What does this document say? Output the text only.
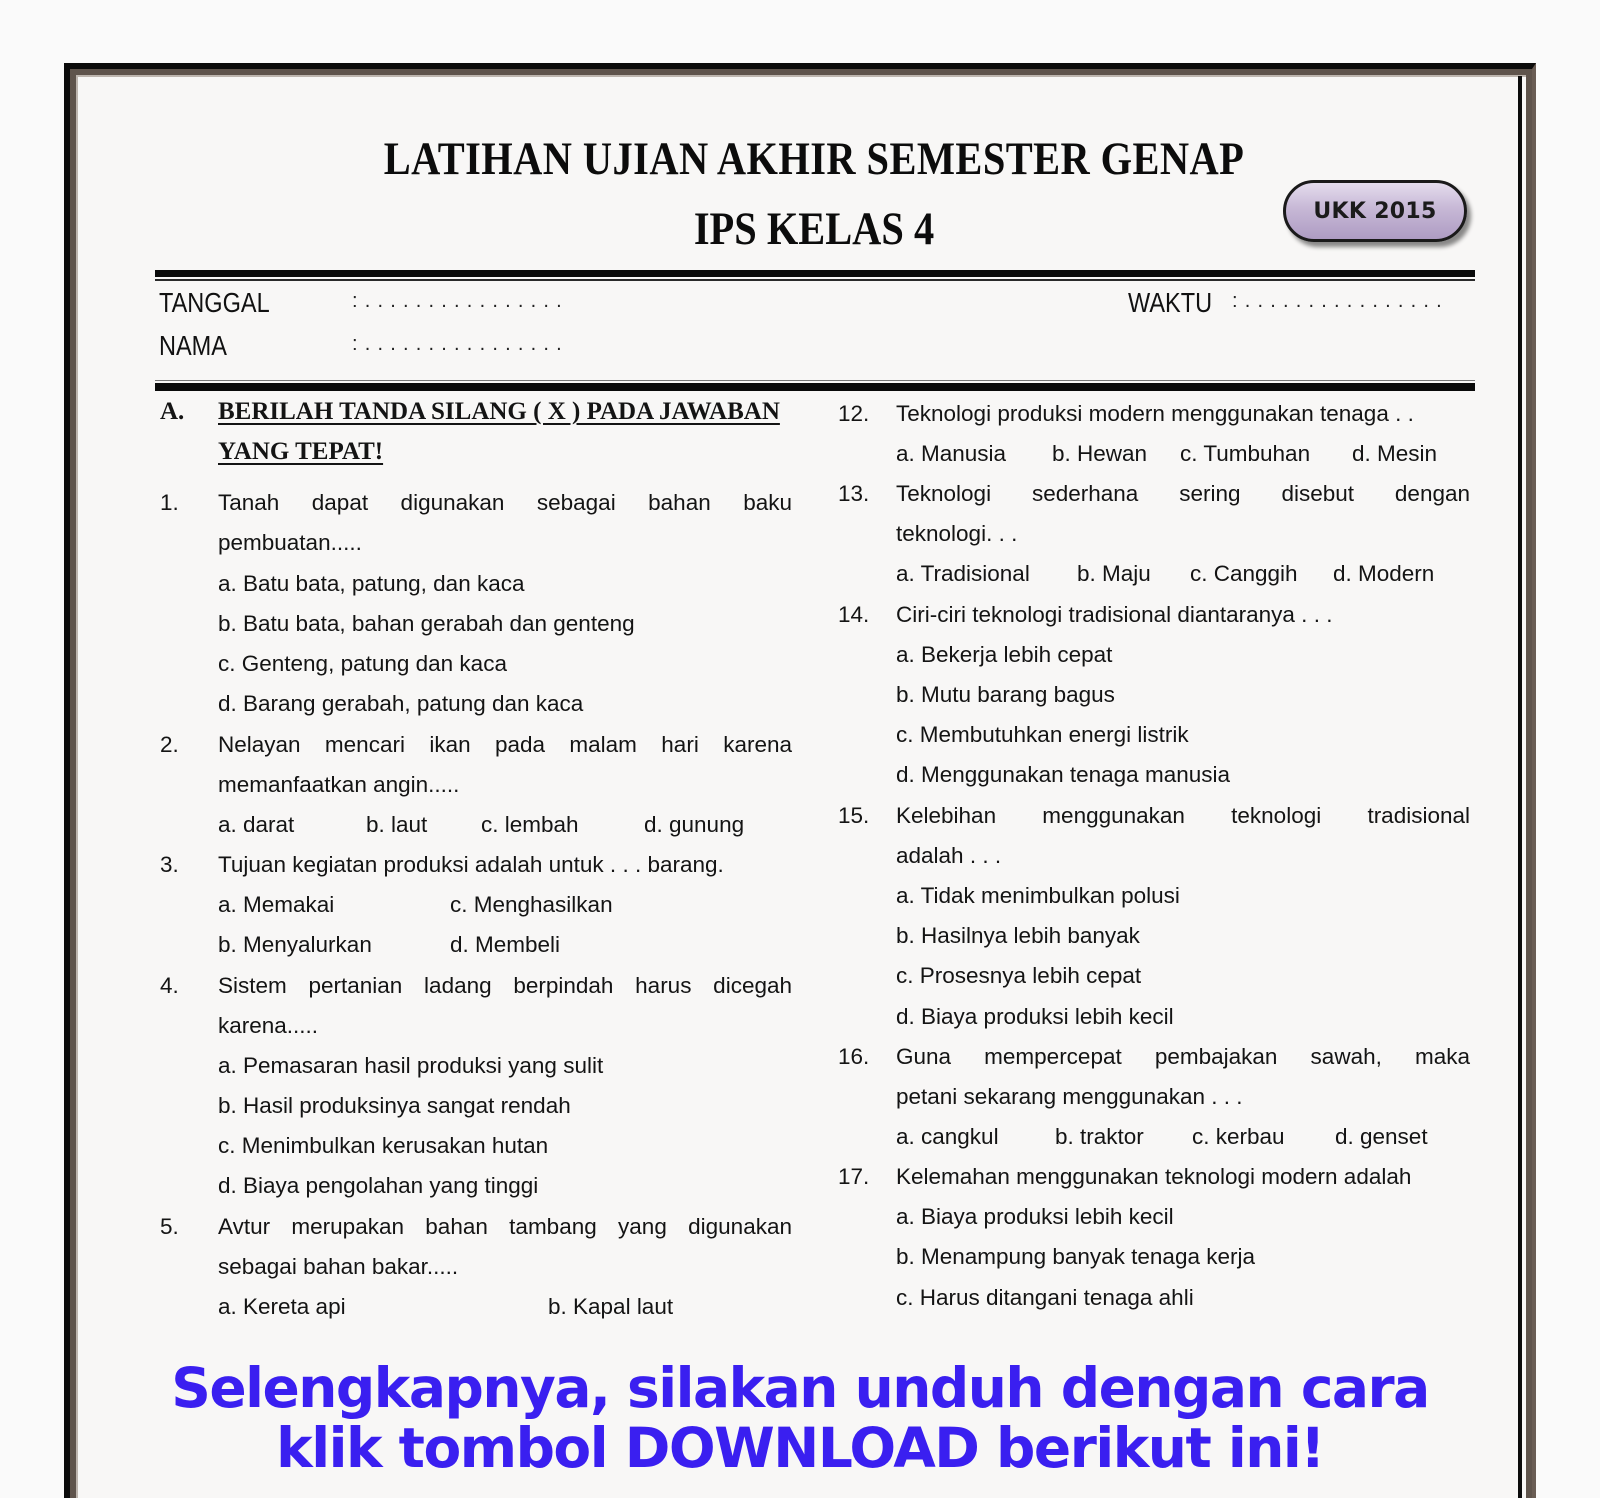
LATIHAN UJIAN AKHIR SEMESTER GENAP
IPS KELAS 4	UKK 2015
TANGGAL	:................
NAMA	:................
WAKTU :................
A. BERILAH TANDA SILANG ( X ) PADA JAWABAN
YANG TEPAT!
1. Tanah dapat digunakan sebagai bahan baku
pembuatan.....
a. Batu bata, patung, dan kaca
b. Batu bata, bahan gerabah dan genteng
c. Genteng, patung dan kaca
d. Barang gerabah, patung dan kaca
2. Nelayan mencari ikan pada malam hari karena
memanfaatkan angin.....
a. darat	b. laut c. lembah	d. gunung
3. Tujuan kegiatan produksi adalah untuk . . . barang.
a. Memakai	c. Menghasilkan
b. Menyalurkan	d. Membeli
4. Sistem pertanian ladang berpindah harus dicegah
karena.....
a. Pemasaran hasil produksi yang sulit
b. Hasil produksinya sangat rendah
c. Menimbulkan kerusakan hutan
d. Biaya pengolahan yang tinggi
5. Avtur merupakan bahan tambang yang digunakan
sebagai bahan bakar.....
a. Kereta api	b. Kapal laut
12. Teknologi produksi modern menggunakan tenaga . .
a. Manusia b. Hewan c. Tumbuhan d. Mesin
13. Teknologi sederhana sering disebut dengan
teknologi. . .
a. Tradisional b. Maju c. Canggih d. Modern
14. Ciri-ciri teknologi tradisional diantaranya . . .
a. Bekerja lebih cepat
b. Mutu barang bagus
c. Membutuhkan energi listrik
d. Menggunakan tenaga manusia
15. Kelebihan menggunakan teknologi tradisional
adalah . . .
a. Tidak menimbulkan polusi
b. Hasilnya lebih banyak
c. Prosesnya lebih cepat
d. Biaya produksi lebih kecil
16. Guna mempercepat pembajakan sawah, maka
petani sekarang menggunakan . . .
a. cangkul	b. traktor c. kerbau d. genset
17. Kelemahan menggunakan teknologi modern adalah
a. Biaya produksi lebih kecil
b. Menampung banyak tenaga kerja
c. Harus ditangani tenaga ahli
Selengkapnya, silakan unduh dengan cara
klik tombol DOWNLOAD berikut ini!
